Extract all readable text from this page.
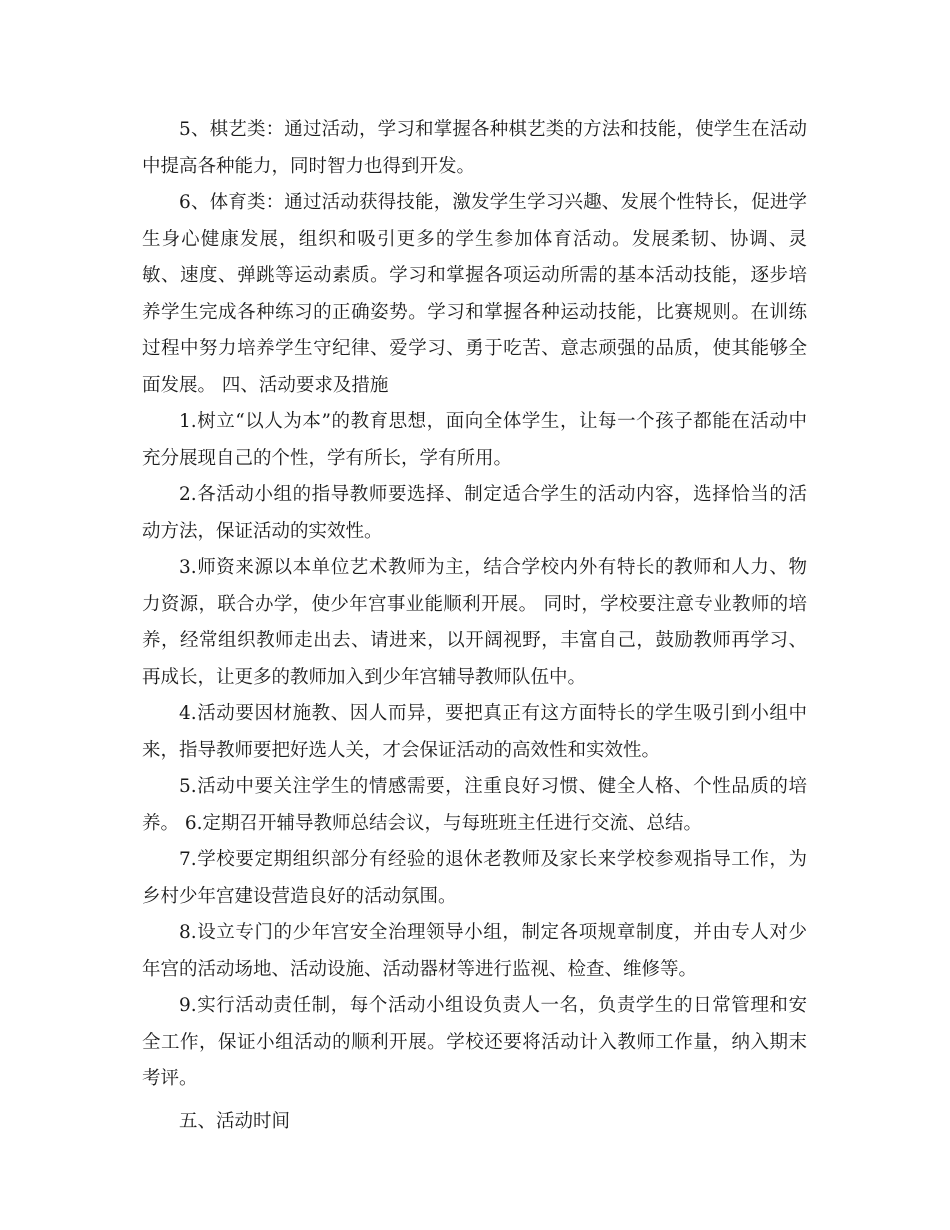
5、棋艺类：通过活动，学习和掌握各种棋艺类的方法和技能，使学生在活动中提高各种能力，同时智力也得到开发。

6、体育类：通过活动获得技能，激发学生学习兴趣、发展个性特长，促进学生身心健康发展，组织和吸引更多的学生参加体育活动。发展柔韧、协调、灵敏、速度、弹跳等运动素质。学习和掌握各项运动所需的基本活动技能，逐步培养学生完成各种练习的正确姿势。学习和掌握各种运动技能，比赛规则。在训练过程中努力培养学生守纪律、爱学习、勇于吃苦、意志顽强的品质，使其能够全面发展。 四、活动要求及措施

1.树立“以人为本”的教育思想，面向全体学生，让每一个孩子都能在活动中充分展现自己的个性，学有所长，学有所用。

2.各活动小组的指导教师要选择、制定适合学生的活动内容，选择恰当的活动方法，保证活动的实效性。

3.师资来源以本单位艺术教师为主，结合学校内外有特长的教师和人力、物力资源，联合办学，使少年宫事业能顺利开展。 同时，学校要注意专业教师的培养，经常组织教师走出去、请进来，以开阔视野，丰富自己，鼓励教师再学习、再成长，让更多的教师加入到少年宫辅导教师队伍中。

4.活动要因材施教、因人而异，要把真正有这方面特长的学生吸引到小组中来，指导教师要把好选人关，才会保证活动的高效性和实效性。

5.活动中要关注学生的情感需要，注重良好习惯、健全人格、个性品质的培养。 6.定期召开辅导教师总结会议，与每班班主任进行交流、总结。

7.学校要定期组织部分有经验的退休老教师及家长来学校参观指导工作，为乡村少年宫建设营造良好的活动氛围。

8.设立专门的少年宫安全治理领导小组，制定各项规章制度，并由专人对少年宫的活动场地、活动设施、活动器材等进行监视、检查、维修等。

9.实行活动责任制，每个活动小组设负责人一名，负责学生的日常管理和安全工作，保证小组活动的顺利开展。学校还要将活动计入教师工作量，纳入期末考评。

五、活动时间
